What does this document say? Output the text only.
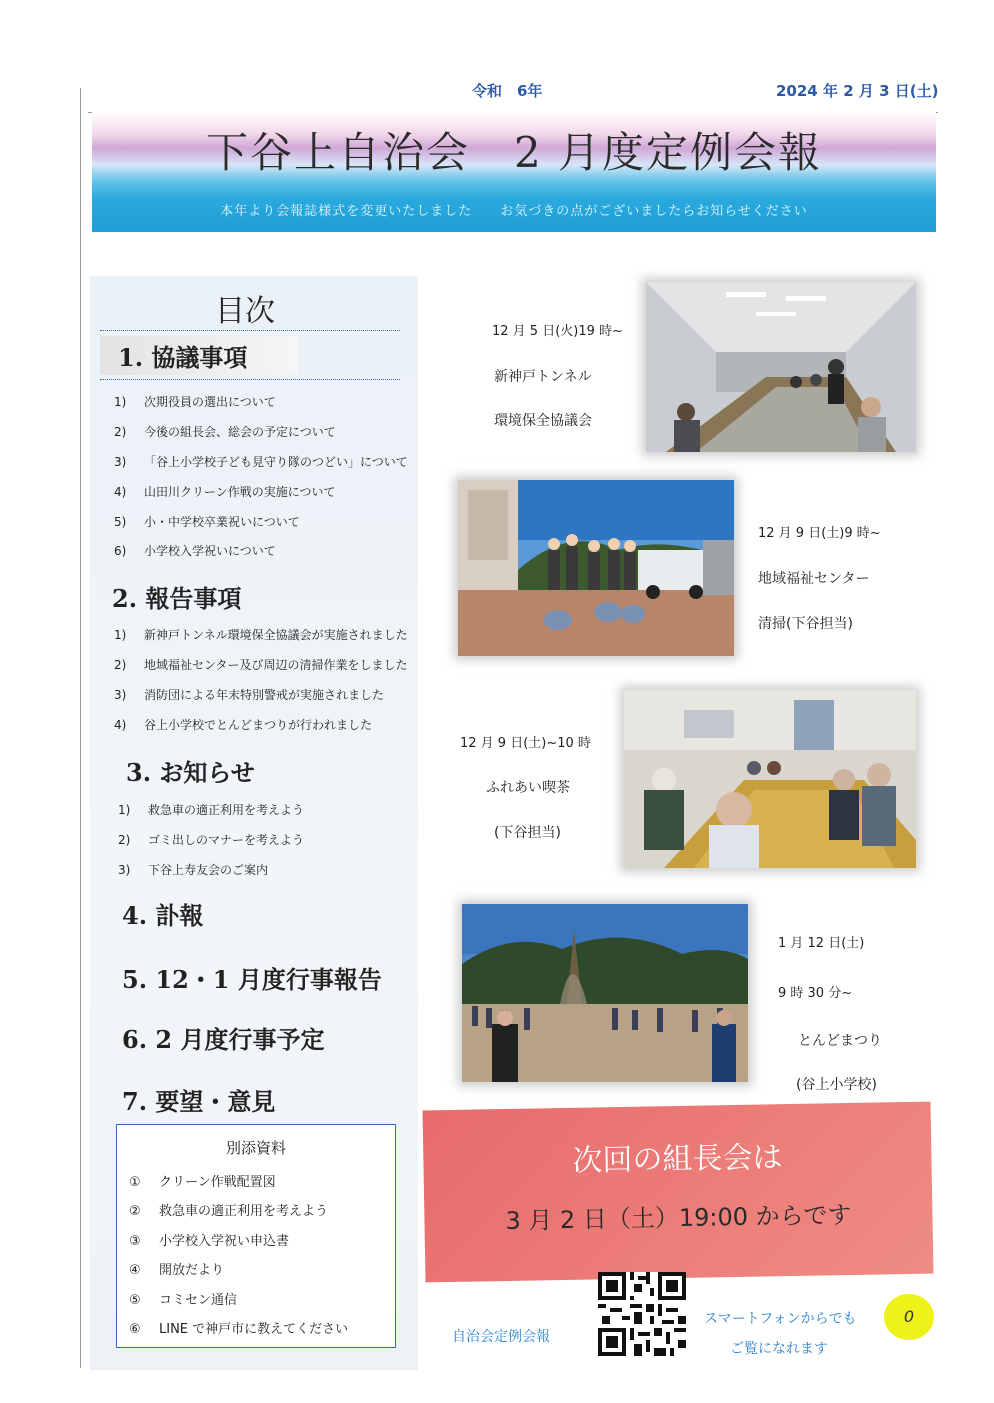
令和　6年	2024 年 2 月 3 日(土)
下谷上自治会　2 月度定例会報
本年より会報誌様式を変更いたしました　　お気づきの点がございましたらお知らせください
目次
1. 協議事項
1) 次期役員の選出について
2) 今後の組長会、総会の予定について
3) 「谷上小学校子ども見守り隊のつどい」について
4) 山田川クリーン作戦の実施について
5) 小・中学校卒業祝いについて
6) 小学校入学祝いについて
2. 報告事項
1) 新神戸トンネル環境保全協議会が実施されました
2) 地域福祉センター及び周辺の清掃作業をしました
3) 消防団による年末特別警戒が実施されました
4) 谷上小学校でとんどまつりが行われました
3. お知らせ
1) 救急車の適正利用を考えよう
2) ゴミ出しのマナーを考えよう
3) 下谷上寿友会のご案内
4. 訃報
5. 12・1 月度行事報告
6. 2 月度行事予定
7. 要望・意見
別添資料
① クリーン作戦配置図
② 救急車の適正利用を考えよう
③ 小学校入学祝い申込書
④ 開放だより
⑤ コミセン通信
⑥ LINE で神戸市に教えてください
12 月 5 日(火)19 時~
新神戸トンネル
環境保全協議会
12 月 9 日(土)9 時~
地域福祉センター
清掃(下谷担当)
12 月 9 日(土)~10 時
ふれあい喫茶
(下谷担当)
1 月 12 日(土)
9 時 30 分~
とんどまつり
(谷上小学校)
次回の組長会は
3 月 2 日（土）19:00 からです
自治会定例会報
スマートフォンからでも
ご覧になれます
0
